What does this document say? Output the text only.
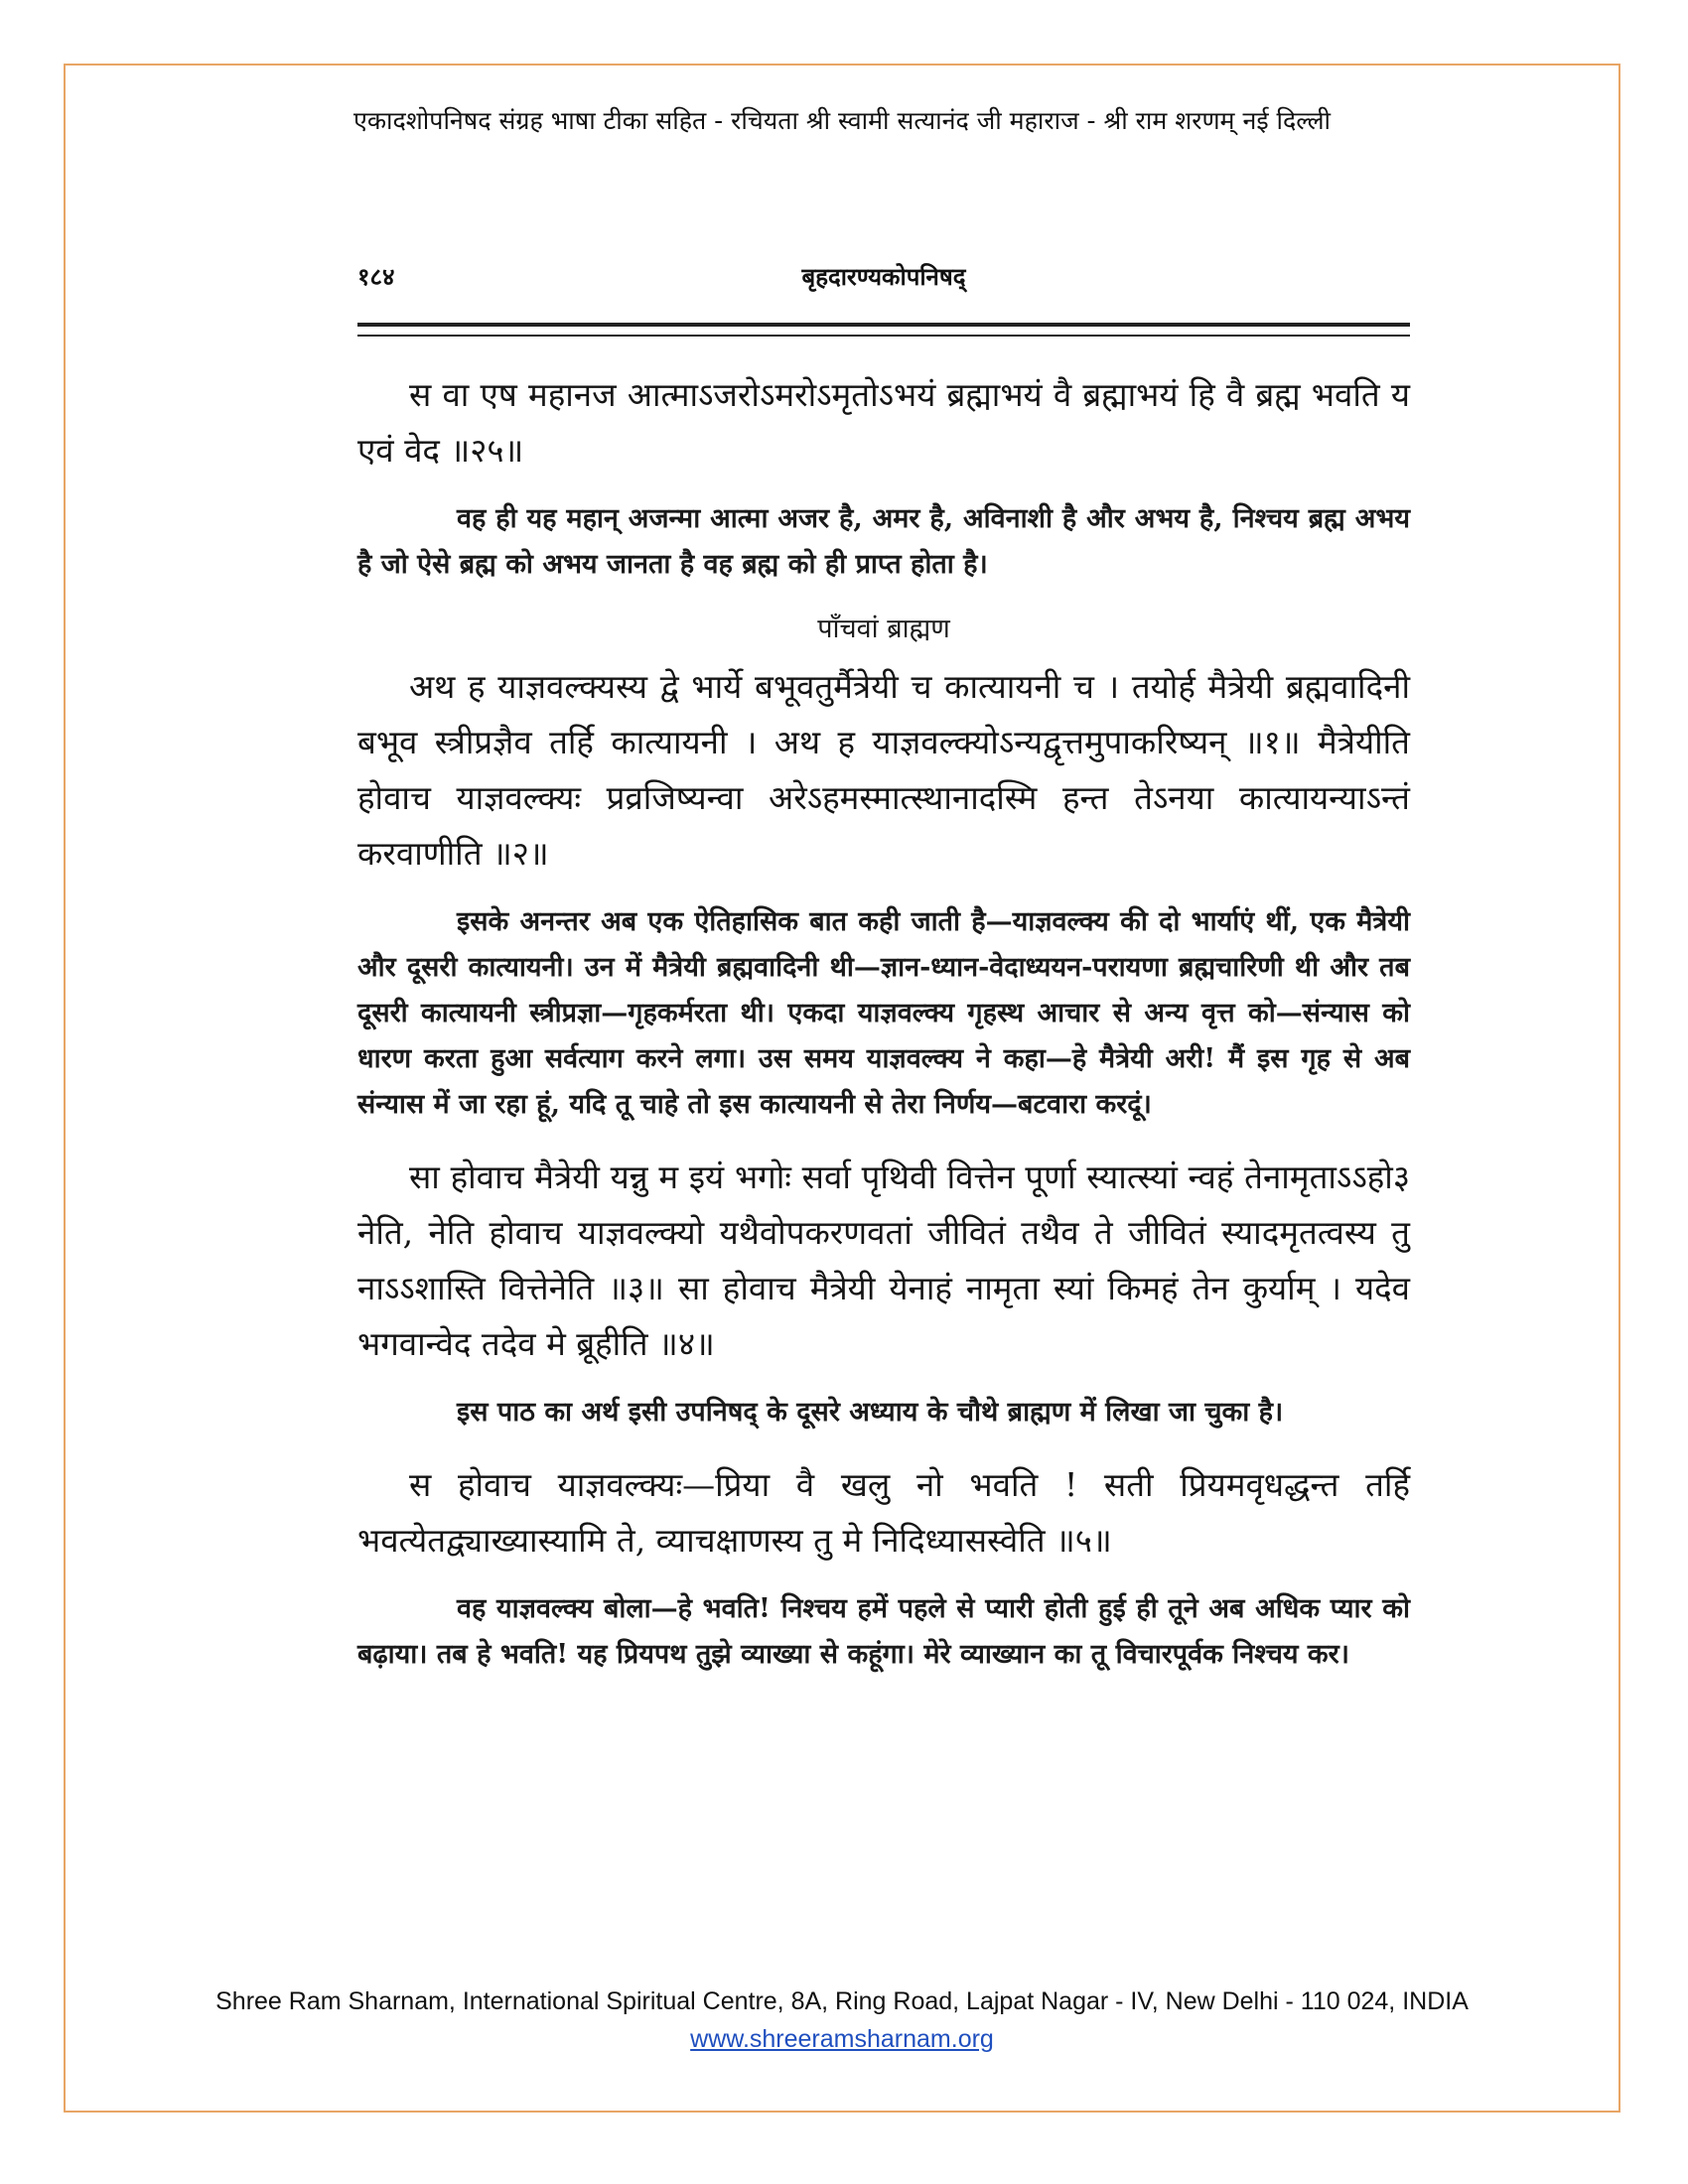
एकादशोपनिषद संग्रह भाषा टीका सहित - रचियता श्री स्वामी सत्यानंद जी महाराज - श्री राम शरणम् नई दिल्ली
१८४	बृहदारण्यकोपनिषद्

स वा एष महानज आत्माऽजरोऽमरोऽमृतोऽभयं ब्रह्माभयं वै ब्रह्माभयं हि वै ब्रह्म भवति य एवं वेद ॥२५॥

वह ही यह महान् अजन्मा आत्मा अजर है, अमर है, अविनाशी है और अभय है, निश्चय ब्रह्म अभय है जो ऐसे ब्रह्म को अभय जानता है वह ब्रह्म को ही प्राप्त होता है।

पाँचवां ब्राह्मण

अथ ह याज्ञवल्क्यस्य द्वे भार्ये बभूवतुर्मैत्रेयी च कात्यायनी च । तयोर्ह मैत्रेयी ब्रह्मवादिनी बभूव स्त्रीप्रज्ञैव तर्हि कात्यायनी । अथ ह याज्ञवल्क्योऽन्यद्वृत्तमुपाकरिष्यन् ॥१॥ मैत्रेयीति होवाच याज्ञवल्क्यः प्रव्रजिष्यन्वा अरेऽहमस्मात्स्थानादस्मि हन्त तेऽनया कात्यायन्याऽन्तं करवाणीति ॥२॥

इसके अनन्तर अब एक ऐतिहासिक बात कही जाती है—याज्ञवल्क्य की दो भार्याएं थीं, एक मैत्रेयी और दूसरी कात्यायनी। उन में मैत्रेयी ब्रह्मवादिनी थी—ज्ञान-ध्यान-वेदाध्ययन-परायणा ब्रह्मचारिणी थी और तब दूसरी कात्यायनी स्त्रीप्रज्ञा—गृहकर्मरता थी। एकदा याज्ञवल्क्य गृहस्थ आचार से अन्य वृत्त को—संन्यास को धारण करता हुआ सर्वत्याग करने लगा। उस समय याज्ञवल्क्य ने कहा—हे मैत्रेयी अरी! मैं इस गृह से अब संन्यास में जा रहा हूं, यदि तू चाहे तो इस कात्यायनी से तेरा निर्णय—बटवारा करदूं।

सा होवाच मैत्रेयी यन्नु म इयं भगोः सर्वा पृथिवी वित्तेन पूर्णा स्यात्स्यां न्वहं तेनामृताऽऽहो३ नेति, नेति होवाच याज्ञवल्क्यो यथैवोपकरणवतां जीवितं तथैव ते जीवितं स्यादमृतत्वस्य तु नाऽऽशास्ति वित्तेनेति ॥३॥ सा होवाच मैत्रेयी येनाहं नामृता स्यां किमहं तेन कुर्याम् । यदेव भगवान्वेद तदेव मे ब्रूहीति ॥४॥

इस पाठ का अर्थ इसी उपनिषद् के दूसरे अध्याय के चौथे ब्राह्मण में लिखा जा चुका है।

स होवाच याज्ञवल्क्यः—प्रिया वै खलु नो भवति ! सती प्रियमवृधद्धन्त तर्हि भवत्येतद्व्याख्यास्यामि ते, व्याचक्षाणस्य तु मे निदिध्यासस्वेति ॥५॥

वह याज्ञवल्क्य बोला—हे भवति! निश्चय हमें पहले से प्यारी होती हुई ही तूने अब अधिक प्यार को बढ़ाया। तब हे भवति! यह प्रियपथ तुझे व्याख्या से कहूंगा। मेरे व्याख्यान का तू विचारपूर्वक निश्चय कर।

Shree Ram Sharnam, International Spiritual Centre, 8A, Ring Road, Lajpat Nagar - IV, New Delhi - 110 024, INDIA
www.shreeramsharnam.org
